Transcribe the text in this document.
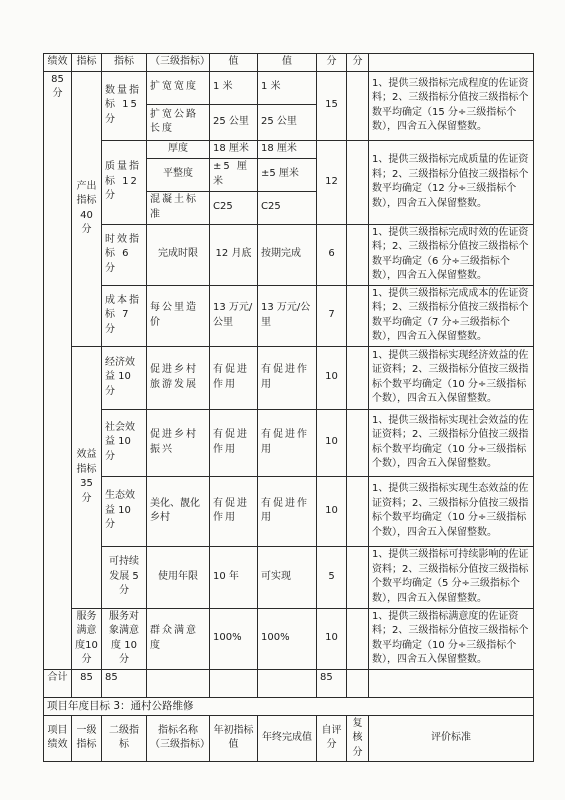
绩效	指标	指标	（三级指标）	值	值	分	分	
85 分	产出指标40 分	数量指标 15 分	扩宽宽度	1 米	1 米	15		1、提供三级指标完成程度的佐证资料；2、三级指标分值按三级指标个数平均确定（15 分÷三级指标个数），四舍五入保留整数。
			扩宽公路长度	25 公里	25 公里			
		质量指标 12 分	厚度	18 厘米	18 厘米	12		1、提供三级指标完成质量的佐证资料；2、三级指标分值按三级指标个数平均确定（12 分÷三级指标个数），四舍五入保留整数。
			平整度	±5 厘米	±5 厘米			
			混凝土标准	C25	C25			
		时效指标 6 分	完成时限	12 月底	按期完成	6		1、提供三级指标完成时效的佐证资料；2、三级指标分值按三级指标个数平均确定（6 分÷三级指标个数），四舍五入保留整数。
		成本指标 7 分	每公里造价	13 万元/公里	13 万元/公里	7		1、提供三级指标完成成本的佐证资料；2、三级指标分值按三级指标个数平均确定（7 分÷三级指标个数），四舍五入保留整数。
	效益指标35 分	经济效益 10 分	促进乡村旅游发展	有促进作用	有促进作用	10		1、提供三级指标实现经济效益的佐证资料；2、三级指标分值按三级指标个数平均确定（10 分÷三级指标个数），四舍五入保留整数。
		社会效益 10 分	促进乡村振兴	有促进作用	有促进作用	10		1、提供三级指标实现社会效益的佐证资料；2、三级指标分值按三级指标个数平均确定（10 分÷三级指标个数），四舍五入保留整数。
		生态效益 10 分	美化、靓化乡村	有促进作用	有促进作用	10		1、提供三级指标实现生态效益的佐证资料；2、三级指标分值按三级指标个数平均确定（10 分÷三级指标个数），四舍五入保留整数。
		可持续发展 5 分	使用年限	10 年	可实现	5		1、提供三级指标可持续影响的佐证资料；2、三级指标分值按三级指标个数平均确定（5 分÷三级指标个数），四舍五入保留整数。
	服务满意度10 分	服务对象满意度 10 分	群众满意度	100%	100%	10		1、提供三级指标满意度的佐证资料；2、三级指标分值按三级指标个数平均确定（10 分÷三级指标个数），四舍五入保留整数。
合计	85	85				85		
项目年度目标 3：通村公路维修								
项目绩效	一级指标	二级指标	指标名称（三级指标）	年初指标值	年终完成值	自评分	复核分	评价标准
